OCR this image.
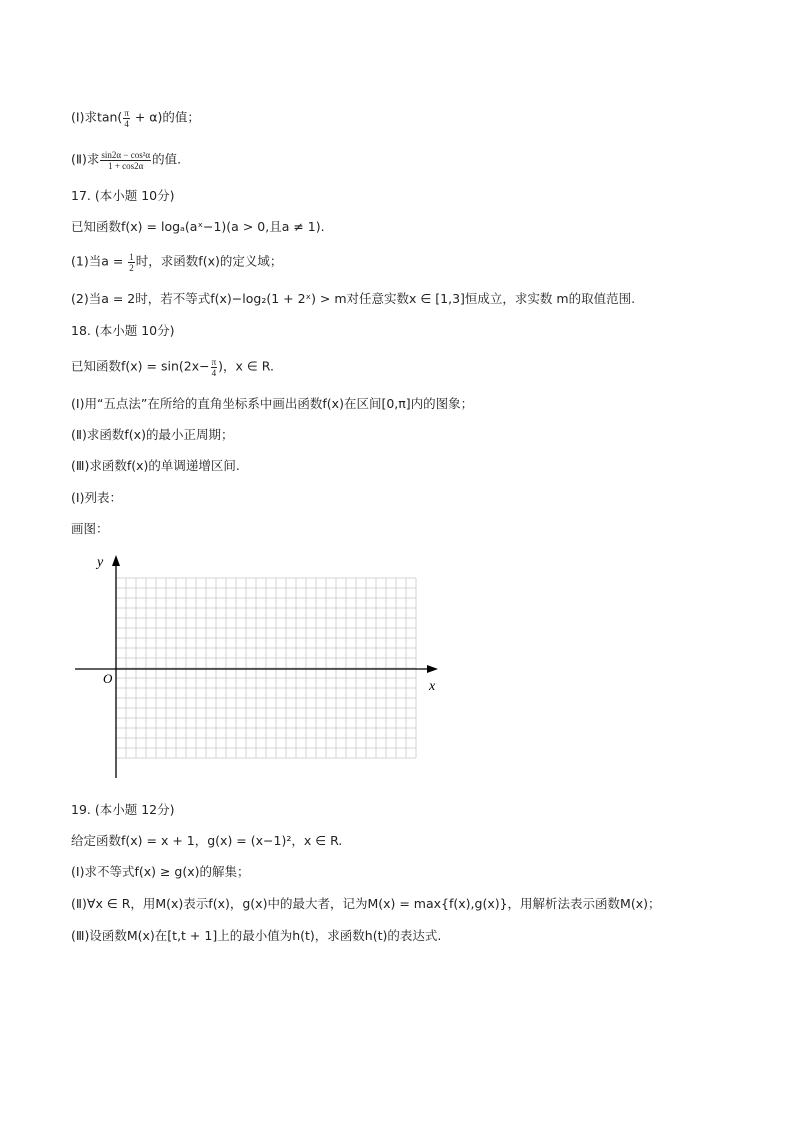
(Ⅰ)求$\tan( \frac{\pi}{4} + \alpha)$的值；
(Ⅱ)求 $\frac{\text{sin2α − cos²α}}{1 + \cos 2\alpha}$ 的值.
17. (本小题 10分)
已知函数f(x) = logₐ(aˣ−1)(a > 0,且a ≠ 1).
(1)当$a = \frac{1}{2}$ 时，求函数f(x)的定义域；
(2)当a = 2时，若不等式f(x)−log₂(1 + 2ˣ) > m对任意实数x ∈ [1,3]恒成立，求实数 m的取值范围.
18. (本小题 10分)
已知函数$f(x) = \sin(2x- \frac{\pi}{4}$ )，x ∈ R.
(Ⅰ)用“五点法”在所给的直角坐标系中画出函数f(x)在区间[0,π]内的图象；
(Ⅱ)求函数f(x)的最小正周期；
(Ⅲ)求函数f(x)的单调递增区间.
(Ⅰ)列表：
画图：
y
x
O
19. (本小题 12分)
给定函数f(x) = x + 1，g(x) = (x−1)²，x ∈ R.
(Ⅰ)求不等式f(x) ≥ g(x)的解集；
(Ⅱ)∀x ∈ R，用M(x)表示f(x)，g(x)中的最大者，记为M(x) = max{f(x),g(x)}，用解析法表示函数M(x)；
(Ⅲ)设函数M(x)在[t,t + 1]上的最小值为h(t)，求函数h(t)的表达式.
